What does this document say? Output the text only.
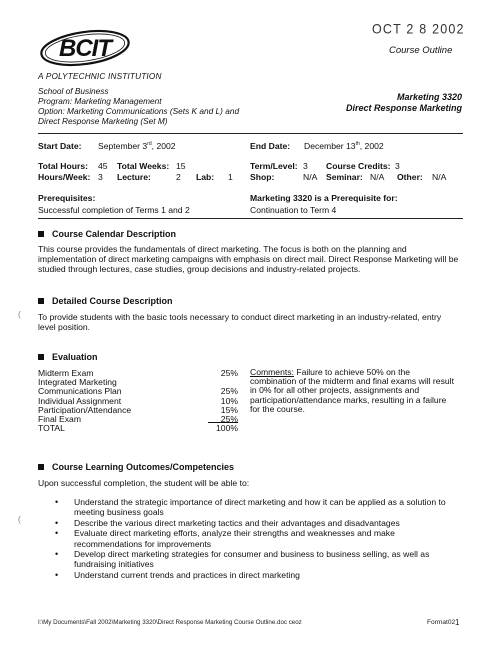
OCT 2 8 2002
Course Outline
BCIT
A POLYTECHNIC INSTITUTION
School of Business
Program: Marketing Management
Option: Marketing Communications (Sets K and L) and
Direct Response Marketing (Set M)
Marketing 3320
Direct Response Marketing
Start Date: September 3rd, 2002	End Date: December 13th, 2002
Total Hours: 45 Total Weeks: 15	Term/Level: 3 Course Credits: 3
Hours/Week: 3 Lecture:	2 Lab: 1 Shop:	N/A Seminar: N/A Other: N/A
Prerequisites:
Successful completion of Terms 1 and 2
Marketing 3320 is a Prerequisite for:
Continuation to Term 4
Course Calendar Description
This course provides the fundamentals of direct marketing. The focus is both on the planning and implementation of direct marketing campaigns with emphasis on direct mail. Direct Response Marketing will be studied through lectures, case studies, group decisions and industry-related projects.
Detailed Course Description
To provide students with the basic tools necessary to conduct direct marketing in an industry-related, entry level position.
Evaluation
Midterm Exam	25%
Integrated Marketing
Communications Plan	25%
Individual Assignment	10%
Participation/Attendance	15%
Final Exam	25%
TOTAL	100%
Comments: Failure to achieve 50% on the combination of the midterm and final exams will result in 0% for all other projects, assignments and participation/attendance marks, resulting in a failure for the course.
Course Learning Outcomes/Competencies
Upon successful completion, the student will be able to:
• Understand the strategic importance of direct marketing and how it can be applied as a solution to meeting business goals
• Describe the various direct marketing tactics and their advantages and disadvantages
• Evaluate direct marketing efforts, analyze their strengths and weaknesses and make recommendations for improvements
• Develop direct marketing strategies for consumer and business to business selling, as well as fundraising initiatives
• Understand current trends and practices in direct marketing
I:\My Documents\Fall 2002\Marketing 3320\Direct Response Marketing Course Outline.doc ceoz	Format02 1
(
(
